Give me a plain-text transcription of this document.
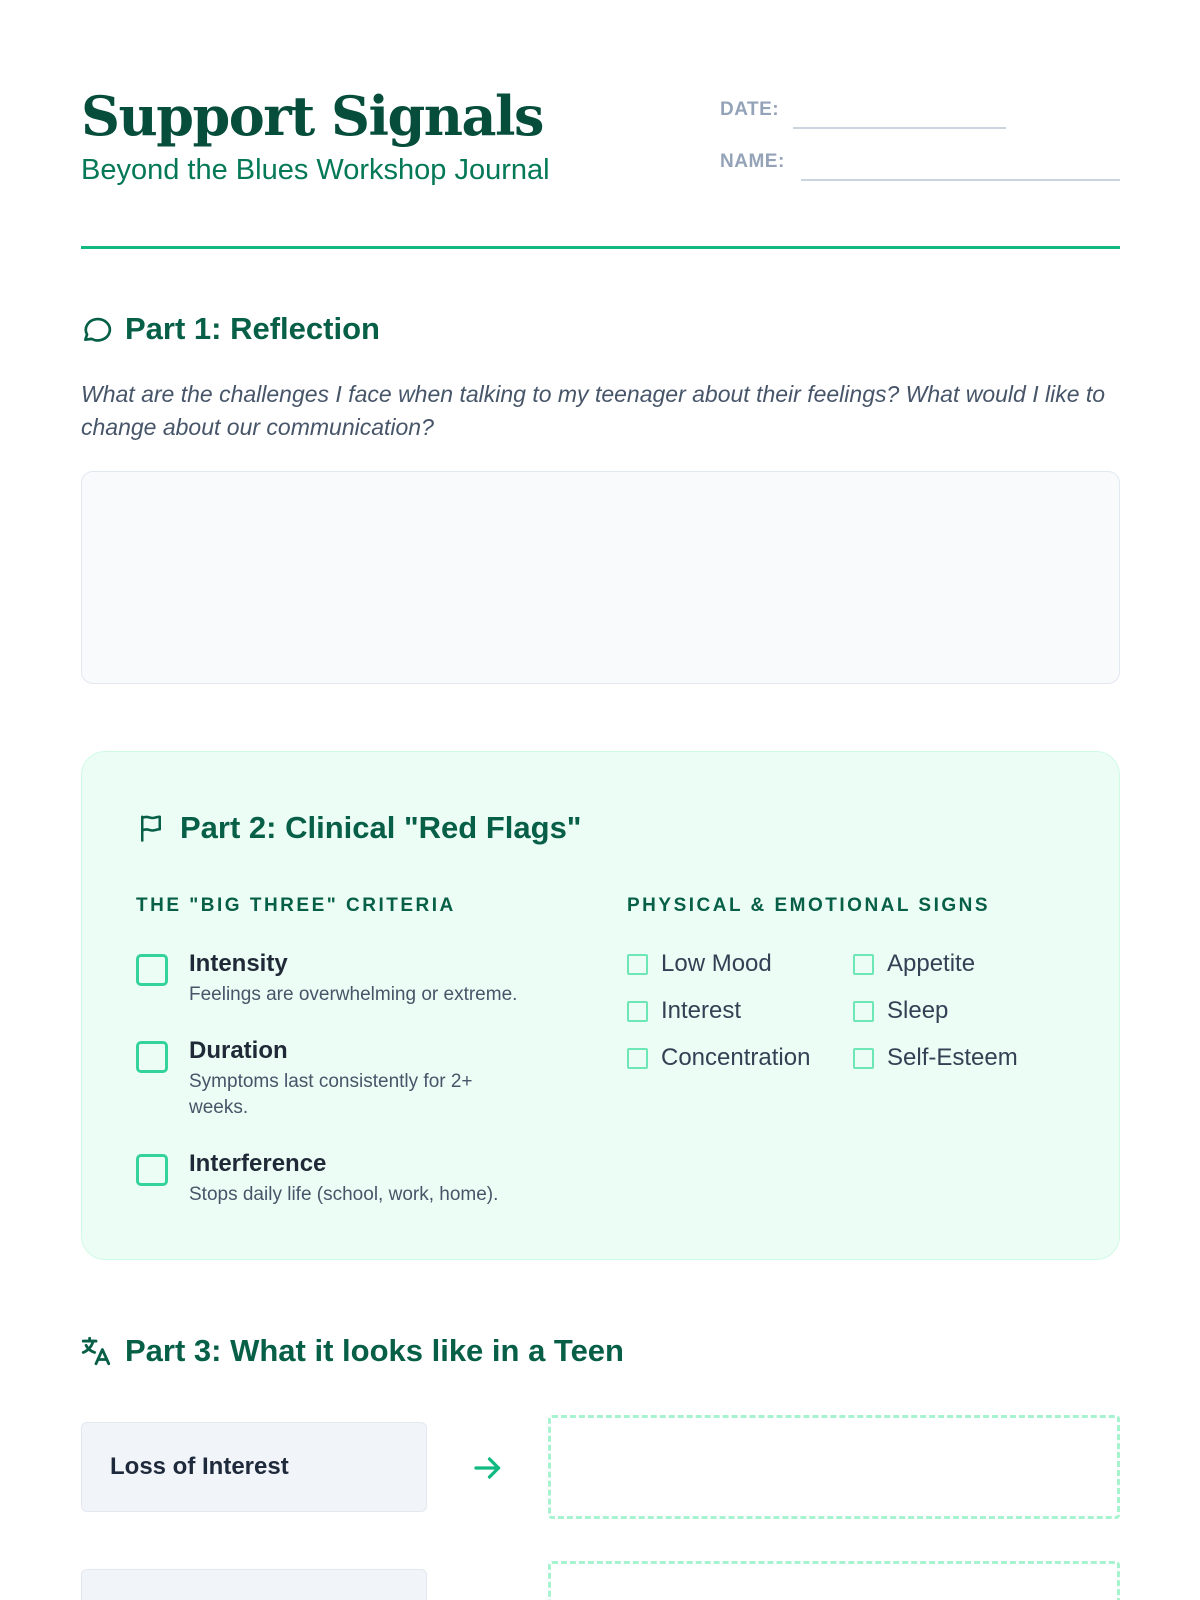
Support Signals
Beyond the Blues Workshop Journal
DATE:
NAME:
Part 1: Reflection
What are the challenges I face when talking to my teenager about their feelings? What would I like to change about our communication?
Part 2: Clinical "Red Flags"
THE "BIG THREE" CRITERIA
Intensity
Feelings are overwhelming or extreme.
Duration
Symptoms last consistently for 2+ weeks.
Interference
Stops daily life (school, work, home).
PHYSICAL & EMOTIONAL SIGNS
Low Mood	Appetite
Interest	Sleep
Concentration	Self-Esteem
Part 3: What it looks like in a Teen
Loss of Interest
